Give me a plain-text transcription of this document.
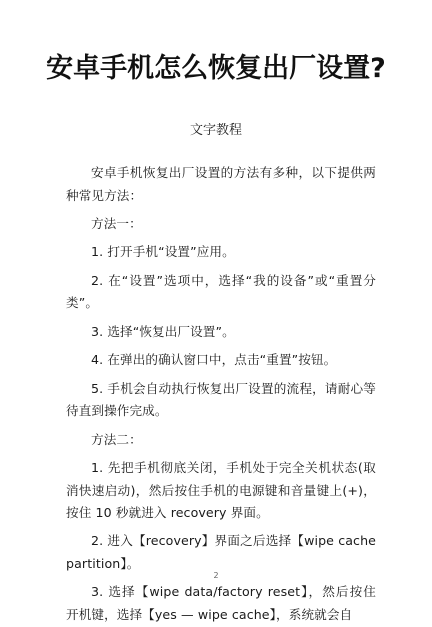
安卓手机怎么恢复出厂设置?
文字教程

安卓手机恢复出厂设置的方法有多种，以下提供两种常见方法：

方法一：

1. 打开手机“设置”应用。

2. 在“设置”选项中，选择“我的设备”或“重置分类”。

3. 选择“恢复出厂设置”。

4. 在弹出的确认窗口中，点击“重置”按钮。

5. 手机会自动执行恢复出厂设置的流程，请耐心等待直到操作完成。

方法二：

1. 先把手机彻底关闭，手机处于完全关机状态(取消快速启动)，然后按住手机的电源键和音量键上(+)，按住 10 秒就进入 recovery 界面。

2. 进入【recovery】界面之后选择【wipe cache partition】。

3. 选择【wipe data/factory reset】，然后按住开机键，选择【yes — wipe cache】，系统就会自

2
